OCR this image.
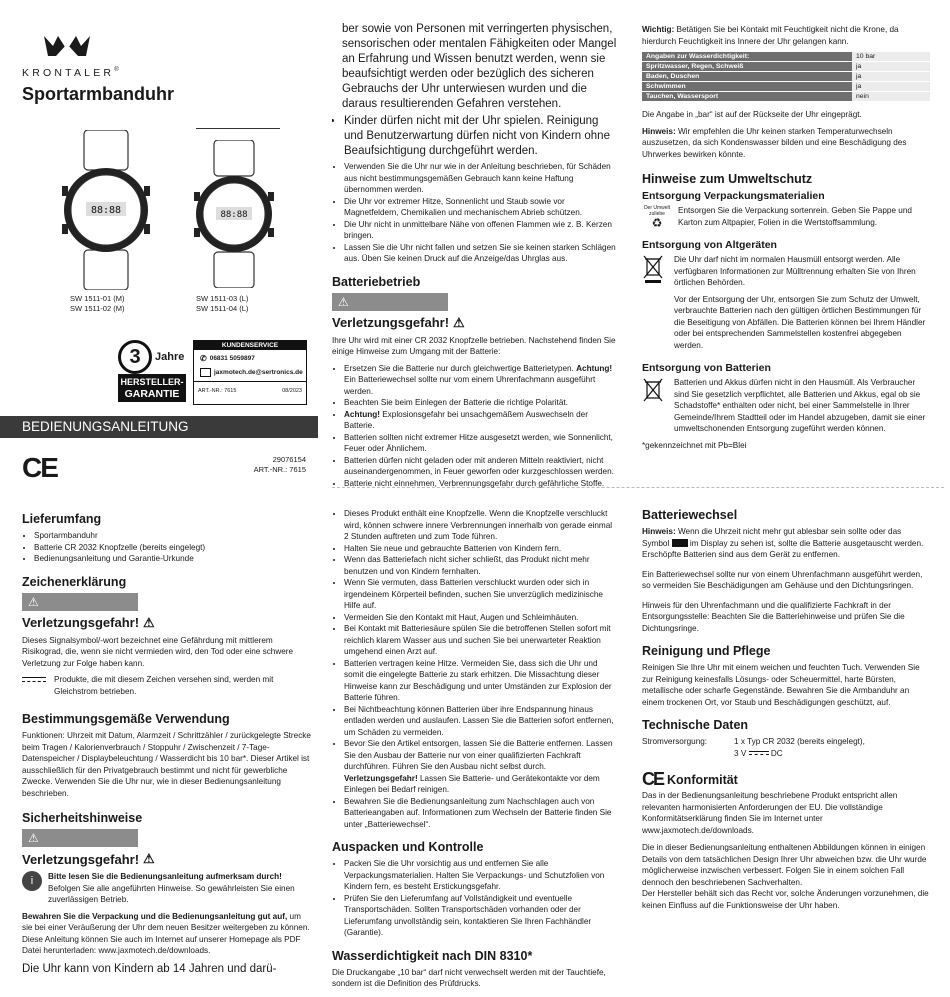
KRONTALER®
Sportarmbanduhr
88:88	88:88
SW 1511-01 (M)
SW 1511-02 (M)
SW 1511-03 (L)
SW 1511-04 (L)
3	Jahre
HERSTELLER-
GARANTIE
KUNDENSERVICE
✆ 06831 5059897
jaxmotech.de@sertronics.de
ART.-NR.: 7615	08/2023
BEDIENUNGSANLEITUNG
CE	29076154
ART.-NR.: 7615
Lieferumfang
• Sportarmbanduhr
• Batterie CR 2032 Knopfzelle (bereits eingelegt)
• Bedienungsanleitung und Garantie-Urkunde
Zeichenerklärung
⚠
Verletzungsgefahr! ⚠
Dieses Signalsymbol/-wort bezeichnet eine Gefährdung mit mittlerem Risikograd, die, wenn sie nicht vermieden wird, den Tod oder eine schwere Verletzung zur Folge haben kann.
Produkte, die mit diesem Zeichen versehen sind, werden mit Gleichstrom betrieben.
Bestimmungsgemäße Verwendung
Funktionen: Uhrzeit mit Datum, Alarmzeit / Schrittzähler / zurückgelegte Strecke beim Tragen / Kalorienverbrauch / Stoppuhr / Zwischenzeit / 7-Tage-Datenspeicher / Displaybeleuchtung / Wasserdicht bis 10 bar*. Dieser Artikel ist ausschließlich für den Privatgebrauch bestimmt und nicht für gewerbliche Zwecke. Verwenden Sie die Uhr nur, wie in dieser Bedienungsanleitung beschrieben.
Sicherheitshinweise
⚠
Verletzungsgefahr! ⚠
i	Bitte lesen Sie die Bedienungsanleitung aufmerksam durch! Befolgen Sie alle angeführten Hinweise. So gewährleisten Sie einen zuverlässigen Betrieb.
Bewahren Sie die Verpackung und die Bedienungsanleitung gut auf, um sie bei einer Veräußerung der Uhr dem neuen Besitzer weitergeben zu können. Diese Anleitung können Sie auch im Internet auf unserer Homepage als PDF Datei herunterladen: www.jaxmotech.de/downloads.
Die Uhr kann von Kindern ab 14 Jahren und darü-
ber sowie von Personen mit verringerten physischen, sensorischen oder mentalen Fähigkeiten oder Mangel an Erfahrung und Wissen benutzt werden, wenn sie beaufsichtigt werden oder bezüglich des sicheren Gebrauchs der Uhr unterwiesen wurden und die daraus resultierenden Gefahren verstehen.
• Kinder dürfen nicht mit der Uhr spielen. Reinigung und Benutzerwartung dürfen nicht von Kindern ohne Beaufsichtigung durchgeführt werden.
• Verwenden Sie die Uhr nur wie in der Anleitung beschrieben, für Schäden aus nicht bestimmungsgemäßen Gebrauch kann keine Haftung übernommen werden.
• Die Uhr vor extremer Hitze, Sonnenlicht und Staub sowie vor Magnetfeldern, Chemikalien und mechanischem Abrieb schützen.
• Die Uhr nicht in unmittelbare Nähe von offenen Flammen wie z. B. Kerzen bringen.
• Lassen Sie die Uhr nicht fallen und setzen Sie sie keinen starken Schlägen aus. Üben Sie keinen Druck auf die Anzeige/das Uhrglas aus.
Batteriebetrieb
⚠
Verletzungsgefahr! ⚠
Ihre Uhr wird mit einer CR 2032 Knopfzelle betrieben. Nachstehend finden Sie einige Hinweise zum Umgang mit der Batterie:
• Ersetzen Sie die Batterie nur durch gleichwertige Batterietypen. Achtung! Ein Batteriewechsel sollte nur vom einem Uhrenfachmann ausgeführt werden.
• Beachten Sie beim Einlegen der Batterie die richtige Polarität.
• Achtung! Explosionsgefahr bei unsachgemäßem Auswechseln der Batterie.
• Batterien sollten nicht extremer Hitze ausgesetzt werden, wie Sonnenlicht, Feuer oder Ähnlichem.
• Batterien dürfen nicht geladen oder mit anderen Mitteln reaktiviert, nicht auseinandergenommen, in Feuer geworfen oder kurzgeschlossen werden.
• Batterie nicht einnehmen, Verbrennungsgefahr durch gefährliche Stoffe.
• Dieses Produkt enthält eine Knopfzelle. Wenn die Knopfzelle verschluckt wird, können schwere innere Verbrennungen innerhalb von gerade einmal 2 Stunden auftreten und zum Tode führen.
• Halten Sie neue und gebrauchte Batterien von Kindern fern.
• Wenn das Batteriefach nicht sicher schließt, das Produkt nicht mehr benutzen und von Kindern fernhalten.
• Wenn Sie vermuten, dass Batterien verschluckt wurden oder sich in irgendeinem Körperteil befinden, suchen Sie unverzüglich medizinische Hilfe auf.
• Vermeiden Sie den Kontakt mit Haut, Augen und Schleimhäuten.
• Bei Kontakt mit Batteriesäure spülen Sie die betroffenen Stellen sofort mit reichlich klarem Wasser aus und suchen Sie bei unerwarteter Reaktion umgehend einen Arzt auf.
• Batterien vertragen keine Hitze. Vermeiden Sie, dass sich die Uhr und somit die eingelegte Batterie zu stark erhitzen. Die Missachtung dieser Hinweise kann zur Beschädigung und unter Umständen zur Explosion der Batterie führen.
• Bei Nichtbeachtung können Batterien über ihre Endspannung hinaus entladen werden und auslaufen. Lassen Sie die Batterien sofort entfernen, um Schäden zu vermeiden.
• Bevor Sie den Artikel entsorgen, lassen Sie die Batterie entfernen. Lassen Sie den Ausbau der Batterie nur von einer qualifizierten Fachkraft durchführen. Führen Sie den Ausbau nicht selbst durch. Verletzungsgefahr! Lassen Sie Batterie- und Gerätekontakte vor dem Einlegen bei Bedarf reinigen.
• Bewahren Sie die Bedienungsanleitung zum Nachschlagen auch von Batterieangaben auf. Informationen zum Wechseln der Batterie finden Sie unter „Batteriewechsel“.
Auspacken und Kontrolle
• Packen Sie die Uhr vorsichtig aus und entfernen Sie alle Verpackungsmaterialien. Halten Sie Verpackungs- und Schutzfolien von Kindern fern, es besteht Erstickungsgefahr.
• Prüfen Sie den Lieferumfang auf Vollständigkeit und eventuelle Transportschäden. Sollten Transportschäden vorhanden oder der Lieferumfang unvollständig sein, kontaktieren Sie Ihren Fachhändler (Garantie).
Wasserdichtigkeit nach DIN 8310*
Die Druckangabe „10 bar“ darf nicht verwechselt werden mit der Tauchtiefe, sondern ist die Definition des Prüfdrucks.
Wichtig: Betätigen Sie bei Kontakt mit Feuchtigkeit nicht die Krone, da hierdurch Feuchtigkeit ins Innere der Uhr gelangen kann.
Angaben zur Wasserdichtigkeit:	10 bar
Spritzwasser, Regen, Schweiß	ja
Baden, Duschen	ja
Schwimmen	ja
Tauchen, Wassersport	nein
Die Angabe in „bar“ ist auf der Rückseite der Uhr eingeprägt.
Hinweis: Wir empfehlen die Uhr keinen starken Temperaturwechseln auszusetzen, da sich Kondenswasser bilden und eine Beschädigung des Uhrwerkes bewirken könnte.
Hinweise zum Umweltschutz
Entsorgung Verpackungsmaterialien
Der Umwelt zuliebe
♻
Entsorgen Sie die Verpackung sortenrein. Geben Sie Pappe und Karton zum Altpapier, Folien in die Wertstoffsammlung.
Entsorgung von Altgeräten
Die Uhr darf nicht im normalen Hausmüll entsorgt werden. Alle verfügbaren Informationen zur Mülltrennung erhalten Sie von Ihren örtlichen Behörden.
Vor der Entsorgung der Uhr, entsorgen Sie zum Schutz der Umwelt, verbrauchte Batterien nach den gültigen örtlichen Bestimmungen für die Beseitigung von Abfällen. Die Batterien können bei Ihrem Händler oder bei entsprechenden Sammelstellen kostenfrei abgegeben werden.
Entsorgung von Batterien
Batterien und Akkus dürfen nicht in den Hausmüll. Als Verbraucher sind Sie gesetzlich verpflichtet, alle Batterien und Akkus, egal ob sie Schadstoffe* enthalten oder nicht, bei einer Sammelstelle in Ihrer Gemeinde/Ihrem Stadtteil oder im Handel abzugeben, damit sie einer umweltschonenden Entsorgung zugeführt werden können.
*gekennzeichnet mit Pb=Blei
Batteriewechsel
Hinweis: Wenn die Uhrzeit nicht mehr gut ablesbar sein sollte oder das Symbol  im Display zu sehen ist, sollte die Batterie ausgetauscht werden. Erschöpfte Batterien sind aus dem Gerät zu entfernen.
Ein Batteriewechsel sollte nur von einem Uhrenfachmann ausgeführt werden, so vermeiden Sie Beschädigungen am Gehäuse und den Dichtungsringen.
Hinweis für den Uhrenfachmann und die qualifizierte Fachkraft in der Entsorgungsstelle: Beachten Sie die Batteriehinweise und prüfen Sie die Dichtungsringe.
Reinigung und Pflege
Reinigen Sie Ihre Uhr mit einem weichen und feuchten Tuch. Verwenden Sie zur Reinigung keinesfalls Lösungs- oder Scheuermittel, harte Bürsten, metallische oder scharfe Gegenstände. Bewahren Sie die Armbanduhr an einem trockenen Ort, vor Staub und Beschädigungen geschützt, auf.
Technische Daten
Stromversorgung:	1 x Typ CR 2032 (bereits eingelegt),
3 V	DC
CE Konformität
Das in der Bedienungsanleitung beschriebene Produkt entspricht allen relevanten harmonisierten Anforderungen der EU. Die vollständige Konformitätserklärung finden Sie im Internet unter www.jaxmotech.de/downloads.
Die in dieser Bedienungsanleitung enthaltenen Abbildungen können in einigen Details von dem tatsächlichen Design Ihrer Uhr abweichen bzw. die Uhr wurde möglicherweise inzwischen verbessert. Folgen Sie in einem solchen Fall dennoch den beschriebenen Sachverhalten.
Der Hersteller behält sich das Recht vor, solche Änderungen vorzunehmen, die keinen Einfluss auf die Funktionsweise der Uhr haben.
